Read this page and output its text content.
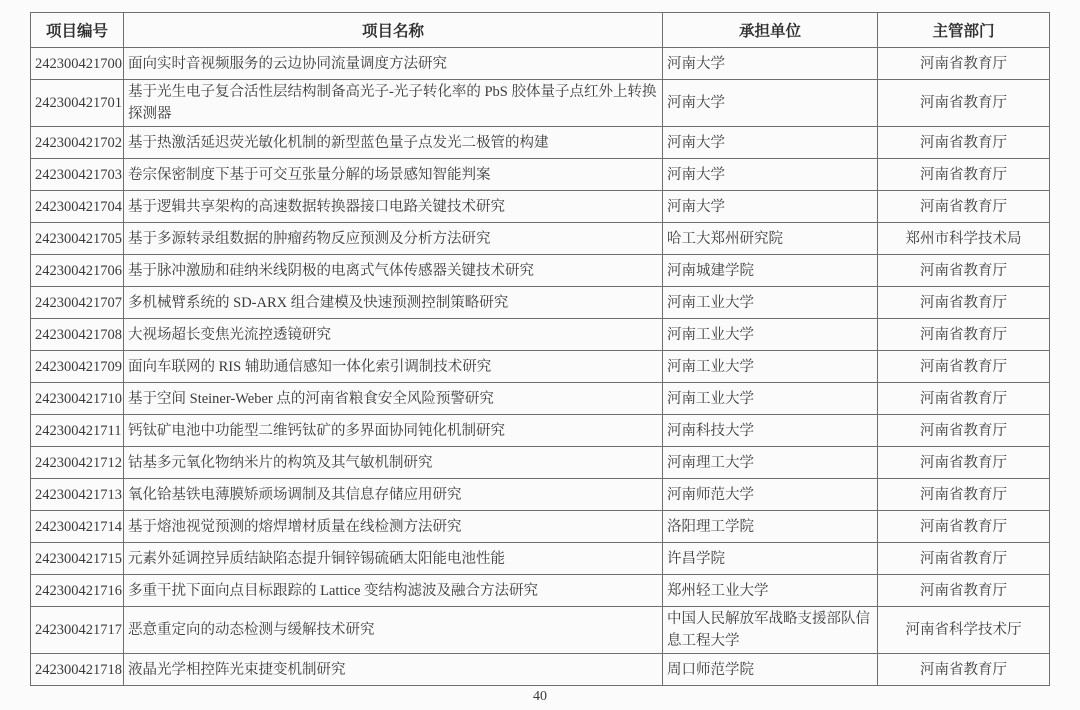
项目编号	项目名称	承担单位	主管部门
242300421700	面向实时音视频服务的云边协同流量调度方法研究	河南大学	河南省教育厅
242300421701	基于光生电子复合活性层结构制备高光子-光子转化率的 PbS 胶体量子点红外上转换探测器	河南大学	河南省教育厅
242300421702	基于热激活延迟荧光敏化机制的新型蓝色量子点发光二极管的构建	河南大学	河南省教育厅
242300421703	卷宗保密制度下基于可交互张量分解的场景感知智能判案	河南大学	河南省教育厅
242300421704	基于逻辑共享架构的高速数据转换器接口电路关键技术研究	河南大学	河南省教育厅
242300421705	基于多源转录组数据的肿瘤药物反应预测及分析方法研究	哈工大郑州研究院	郑州市科学技术局
242300421706	基于脉冲激励和硅纳米线阴极的电离式气体传感器关键技术研究	河南城建学院	河南省教育厅
242300421707	多机械臂系统的 SD-ARX 组合建模及快速预测控制策略研究	河南工业大学	河南省教育厅
242300421708	大视场超长变焦光流控透镜研究	河南工业大学	河南省教育厅
242300421709	面向车联网的 RIS 辅助通信感知一体化索引调制技术研究	河南工业大学	河南省教育厅
242300421710	基于空间 Steiner-Weber 点的河南省粮食安全风险预警研究	河南工业大学	河南省教育厅
242300421711	钙钛矿电池中功能型二维钙钛矿的多界面协同钝化机制研究	河南科技大学	河南省教育厅
242300421712	钴基多元氧化物纳米片的构筑及其气敏机制研究	河南理工大学	河南省教育厅
242300421713	氧化铪基铁电薄膜矫顽场调制及其信息存储应用研究	河南师范大学	河南省教育厅
242300421714	基于熔池视觉预测的熔焊增材质量在线检测方法研究	洛阳理工学院	河南省教育厅
242300421715	元素外延调控异质结缺陷态提升铜锌锡硫硒太阳能电池性能	许昌学院	河南省教育厅
242300421716	多重干扰下面向点目标跟踪的 Lattice 变结构滤波及融合方法研究	郑州轻工业大学	河南省教育厅
242300421717	恶意重定向的动态检测与缓解技术研究	中国人民解放军战略支援部队信息工程大学	河南省科学技术厅
242300421718	液晶光学相控阵光束捷变机制研究	周口师范学院	河南省教育厅
40
